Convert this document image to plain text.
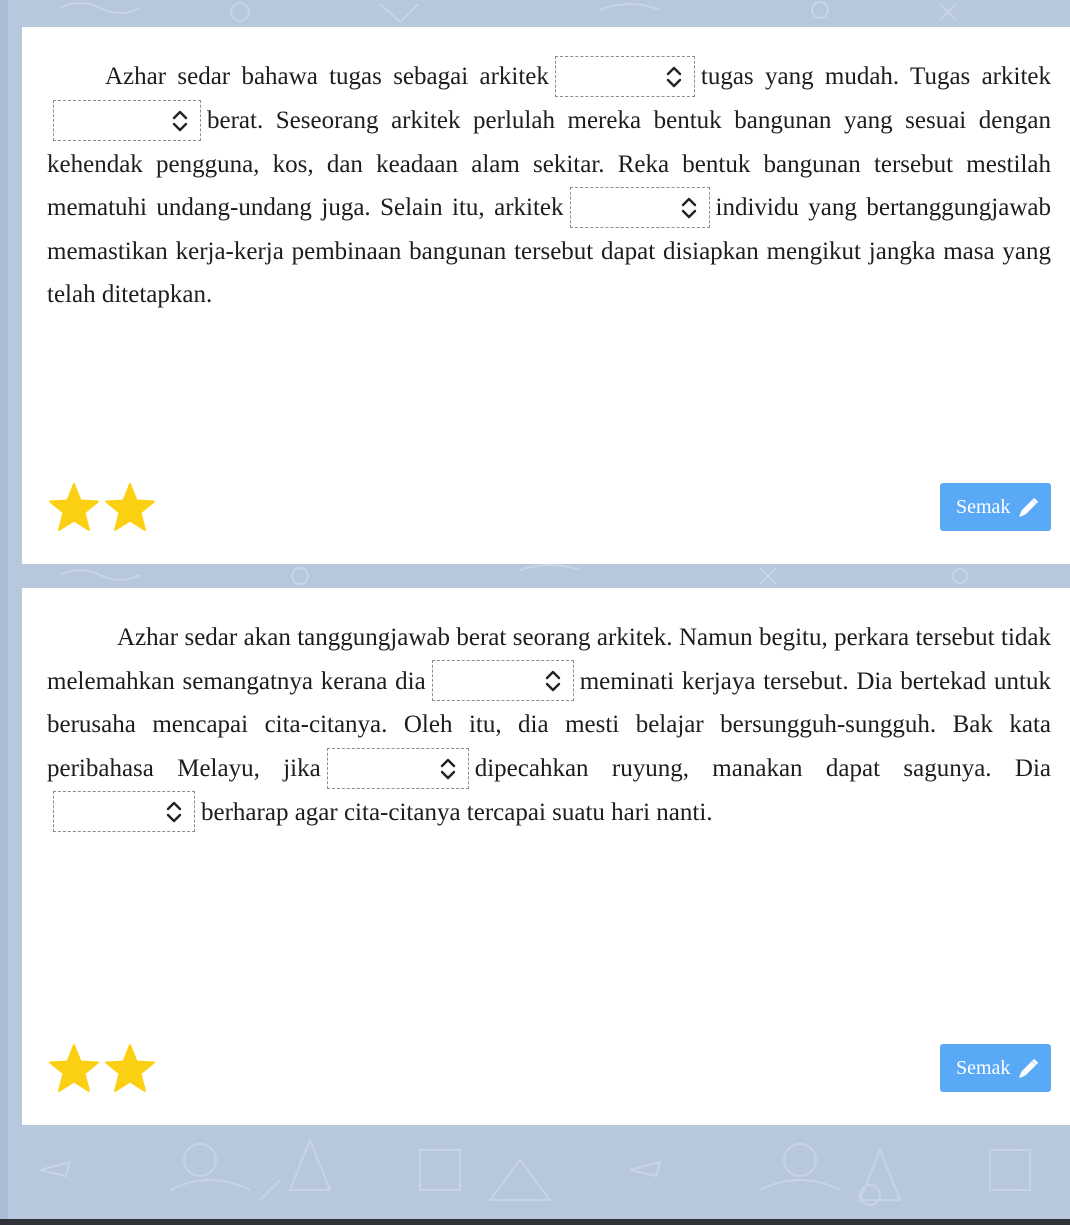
Azhar sedar bahawa tugas sebagai arkitek	tugas yang mudah. Tugas arkitek
berat. Seseorang arkitek perlulah mereka bentuk bangunan yang sesuai dengan kehendak pengguna, kos, dan keadaan alam sekitar. Reka bentuk bangunan tersebut mestilah mematuhi undang-undang juga. Selain itu, arkitek	individu yang bertanggungjawab memastikan kerja-kerja pembinaan bangunan tersebut dapat disiapkan mengikut jangka masa yang telah ditetapkan.
Semak
Azhar sedar akan tanggungjawab berat seorang arkitek. Namun begitu, perkara tersebut tidak melemahkan semangatnya kerana dia	meminati kerjaya tersebut. Dia bertekad untuk berusaha mencapai cita-citanya. Oleh itu, dia mesti belajar bersungguh-sungguh. Bak kata peribahasa Melayu, jika	dipecahkan ruyung, manakan dapat sagunya. Dia
berharap agar cita-citanya tercapai suatu hari nanti.
Semak
